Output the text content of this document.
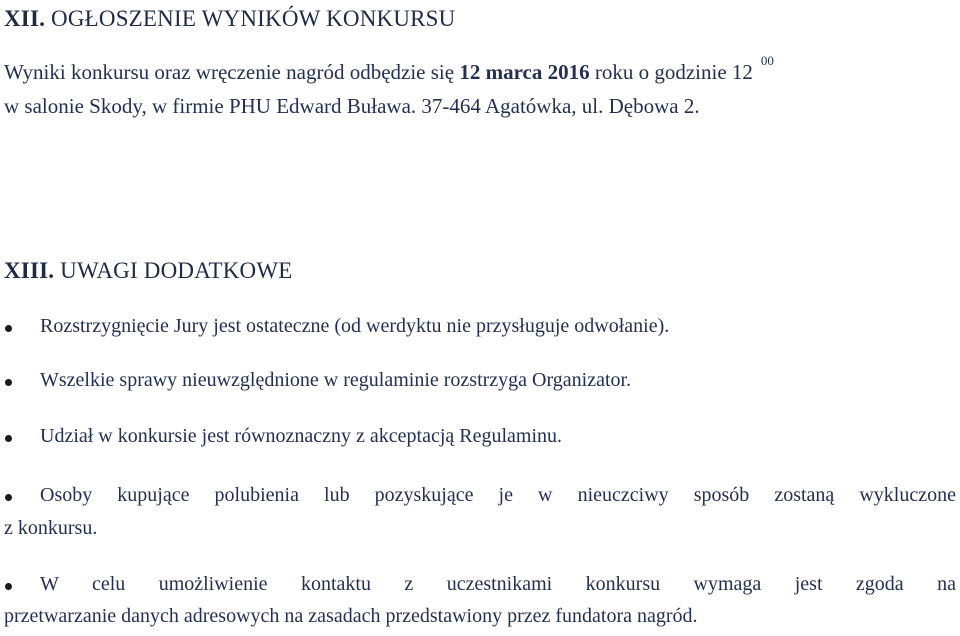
XII. OGŁOSZENIE WYNIKÓW KONKURSU
Wyniki konkursu oraz wręczenie nagród odbędzie się 12 marca 2016 roku o godzinie 12 $^{00}$
w salonie Skody, w firmie PHU Edward Buława. 37-464 Agatówka, ul. Dębowa 2.
XIII. UWAGI DODATKOWE
Rozstrzygnięcie Jury jest ostateczne (od werdyktu nie przysługuje odwołanie).
Wszelkie sprawy nieuwzględnione w regulaminie rozstrzyga Organizator.
Udział w konkursie jest równoznaczny z akceptacją Regulaminu.
Osoby kupujące polubienia lub pozyskujące je w nieuczciwy sposób zostaną wykluczone
z konkursu.
W celu umożliwienie kontaktu z uczestnikami konkursu wymaga jest zgoda na
przetwarzanie danych adresowych na zasadach przedstawiony przez fundatora nagród.
